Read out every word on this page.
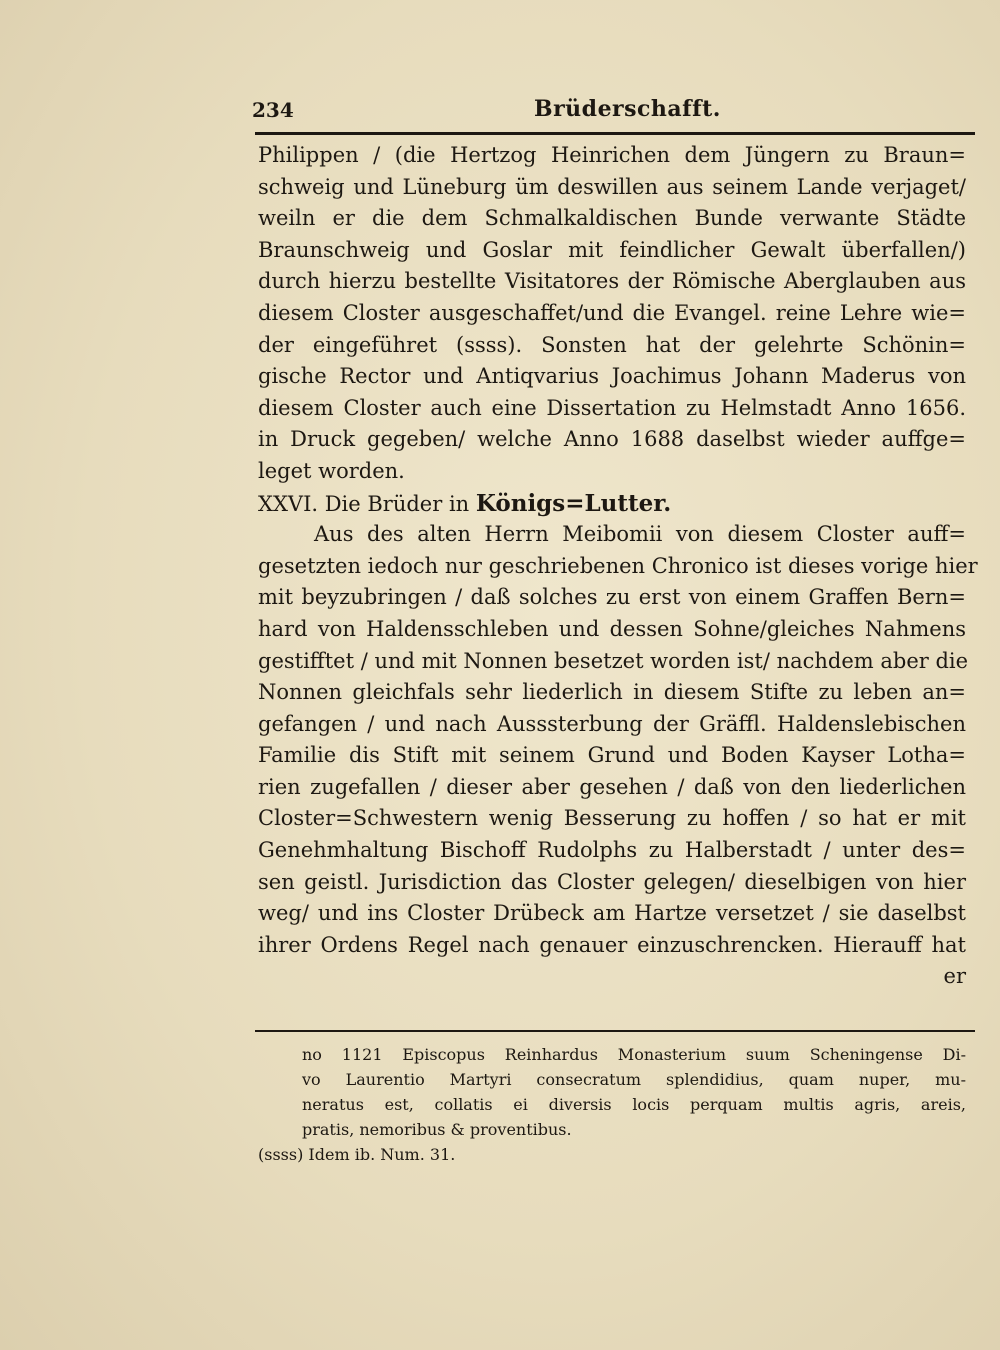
234	Brüderschafft.
Philippen / (die Hertzog Heinrichen dem Jüngern zu Braun=
schweig und Lüneburg üm deswillen aus seinem Lande verjaget/
weiln er die dem Schmalkaldischen Bunde verwante Städte
Braunschweig und Goslar mit feindlicher Gewalt überfallen/)
durch hierzu bestellte Visitatores der Römische Aberglauben aus
diesem Closter ausgeschaffet/und die Evangel. reine Lehre wie=
der eingeführet (ssss). Sonsten hat der gelehrte Schönin=
gische Rector und Antiqvarius Joachimus Johann Maderus von
diesem Closter auch eine Dissertation zu Helmstadt Anno 1656.
in Druck gegeben/ welche Anno 1688 daselbst wieder auffge=
leget worden.
XXVI. Die Brüder in Königs=Lutter.
Aus des alten Herrn Meibomii von diesem Closter auff=
gesetzten iedoch nur geschriebenen Chronico ist dieses vorige hier
mit beyzubringen / daß solches zu erst von einem Graffen Bern=
hard von Haldensschleben und dessen Sohne/gleiches Nahmens
gestifftet / und mit Nonnen besetzet worden ist/ nachdem aber die
Nonnen gleichfals sehr liederlich in diesem Stifte zu leben an=
gefangen / und nach Ausssterbung der Gräffl. Haldenslebischen
Familie dis Stift mit seinem Grund und Boden Kayser Lotha=
rien zugefallen / dieser aber gesehen / daß von den liederlichen
Closter=Schwestern wenig Besserung zu hoffen / so hat er mit
Genehmhaltung Bischoff Rudolphs zu Halberstadt / unter des=
sen geistl. Jurisdiction das Closter gelegen/ dieselbigen von hier
weg/ und ins Closter Drübeck am Hartze versetzet / sie daselbst
ihrer Ordens Regel nach genauer einzuschrencken. Hierauff hat
er
no 1121 Episcopus Reinhardus Monasterium suum Scheningense Di-
vo Laurentio Martyri consecratum splendidius, quam nuper, mu-
neratus est, collatis ei diversis locis perquam multis agris, areis,
pratis, nemoribus & proventibus.
(ssss) Idem ib. Num. 31.
